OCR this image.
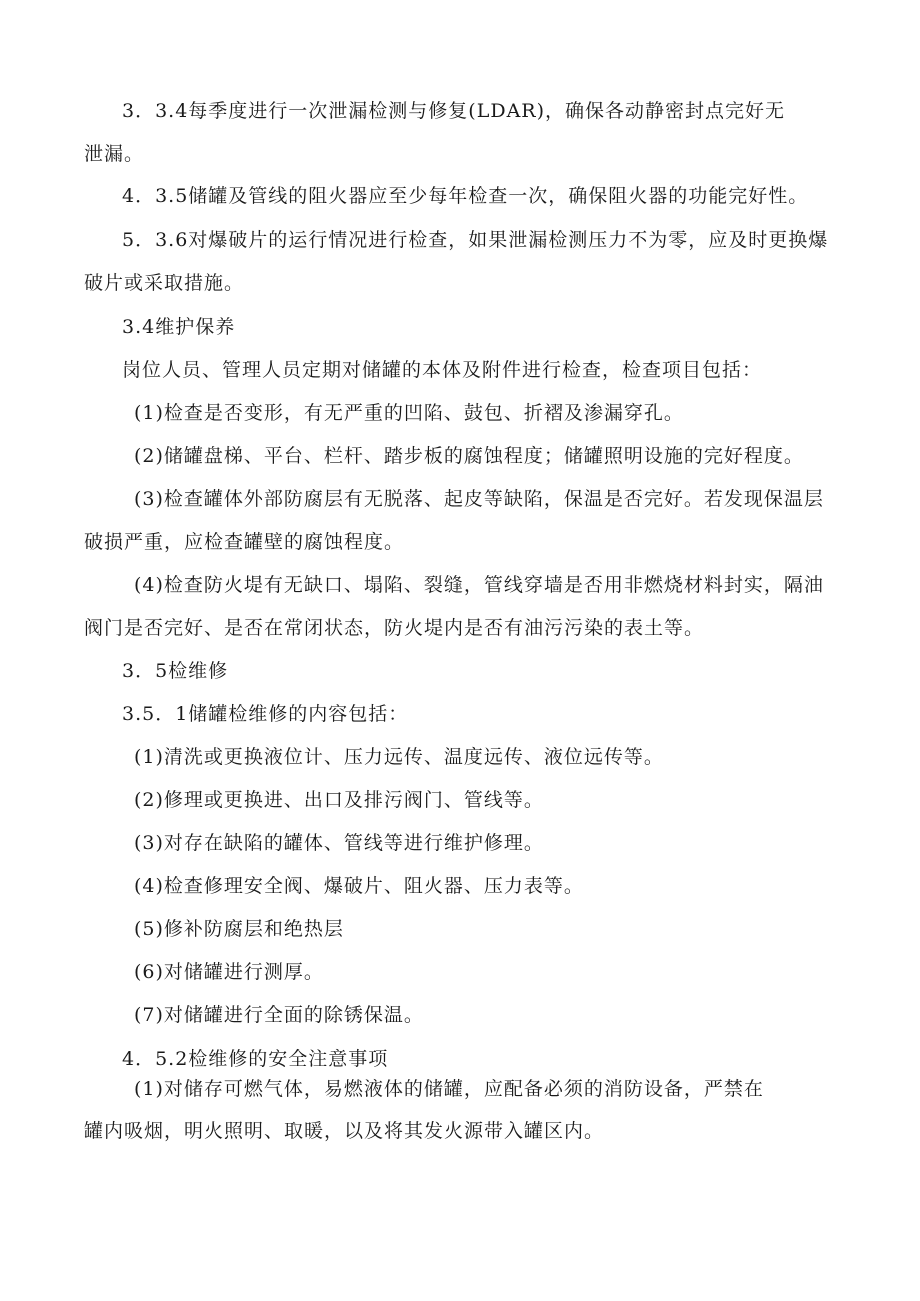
3．3.4每季度进行一次泄漏检测与修复(LDAR)，确保各动静密封点完好无
泄漏。
4．3.5储罐及管线的阻火器应至少每年检查一次，确保阻火器的功能完好性。
5．3.6对爆破片的运行情况进行检查，如果泄漏检测压力不为零，应及时更换爆
破片或采取措施。
3.4维护保养
岗位人员、管理人员定期对储罐的本体及附件进行检查，检查项目包括：
(1)检查是否变形，有无严重的凹陷、鼓包、折褶及渗漏穿孔。
(2)储罐盘梯、平台、栏杆、踏步板的腐蚀程度；储罐照明设施的完好程度。
(3)检查罐体外部防腐层有无脱落、起皮等缺陷，保温是否完好。若发现保温层
破损严重，应检查罐壁的腐蚀程度。
(4)检查防火堤有无缺口、塌陷、裂缝，管线穿墙是否用非燃烧材料封实，隔油
阀门是否完好、是否在常闭状态，防火堤内是否有油污污染的表土等。
3．5检维修
3.5．1储罐检维修的内容包括：
(1)清洗或更换液位计、压力远传、温度远传、液位远传等。
(2)修理或更换进、出口及排污阀门、管线等。
(3)对存在缺陷的罐体、管线等进行维护修理。
(4)检查修理安全阀、爆破片、阻火器、压力表等。
(5)修补防腐层和绝热层
(6)对储罐进行测厚。
(7)对储罐进行全面的除锈保温。
4．5.2检维修的安全注意事项
(1)对储存可燃气体，易燃液体的储罐，应配备必须的消防设备，严禁在
罐内吸烟，明火照明、取暖，以及将其发火源带入罐区内。
